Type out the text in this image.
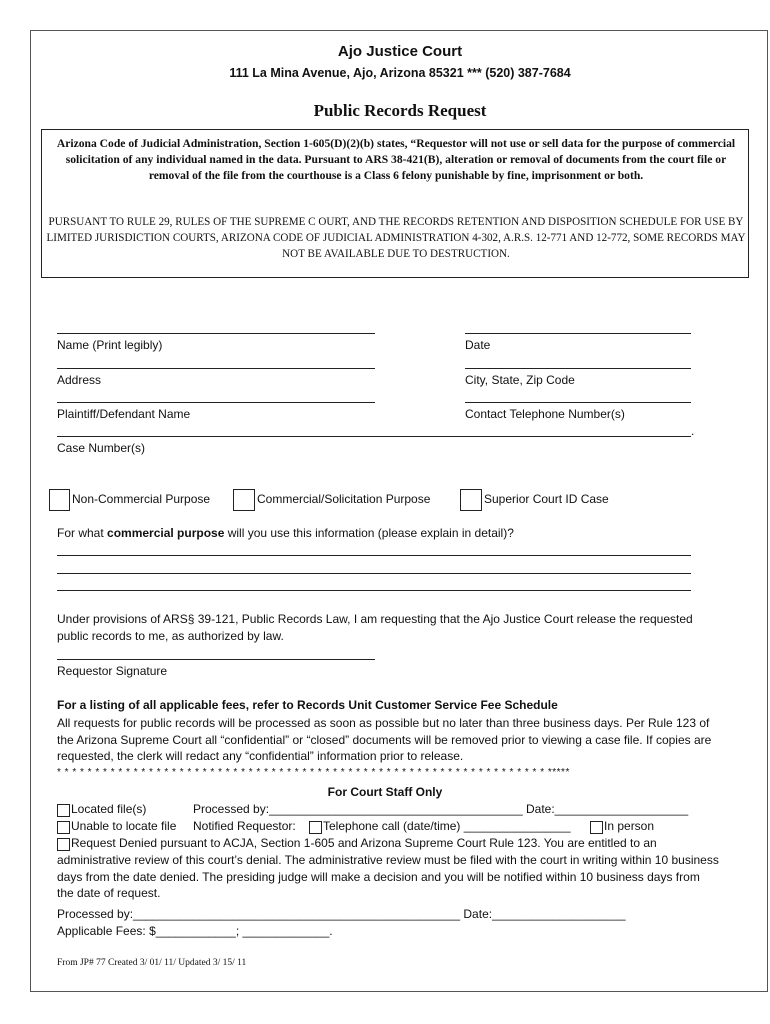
Ajo Justice Court
111 La Mina Avenue, Ajo, Arizona 85321 *** (520) 387-7684
Public Records Request
Arizona Code of Judicial Administration, Section 1-605(D)(2)(b) states, “Requestor will not use or sell data for the purpose of commercial solicitation of any individual named in the data. Pursuant to ARS 38-421(B), alteration or removal of documents from the court file or removal of the file from the courthouse is a Class 6 felony punishable by fine, imprisonment or both.
PURSUANT TO RULE 29, RULES OF THE SUPREME C OURT, AND THE RECORDS RETENTION AND DISPOSITION SCHEDULE FOR USE BY LIMITED JURISDICTION COURTS, ARIZONA CODE OF JUDICIAL ADMINISTRATION 4-302, A.R.S. 12-771 AND 12-772, SOME RECORDS MAY NOT BE AVAILABLE DUE TO DESTRUCTION.
Name (Print legibly)	Date
Address	City, State, Zip Code
Plaintiff/Defendant Name	Contact Telephone Number(s)
.
Case Number(s)
Non-Commercial Purpose	Commercial/Solicitation Purpose	Superior Court ID Case
For what commercial purpose will you use this information (please explain in detail)?
Under provisions of ARS§ 39-121, Public Records Law, I am requesting that the Ajo Justice Court release the requested public records to me, as authorized by law.
Requestor Signature
For a listing of all applicable fees, refer to Records Unit Customer Service Fee Schedule
All requests for public records will be processed as soon as possible but no later than three business days. Per Rule 123 of the Arizona Supreme Court all “confidential” or “closed” documents will be removed prior to viewing a case file. If copies are requested, the clerk will redact any “confidential” information prior to release.
* * * * * * * * * * * * * * * * * * * * * * * * * * * * * * * * * * * * * * * * * * * * * * * * * * * * * * * * * * * * * * * * *****
For Court Staff Only
Located file(s)	Processed by:______________________________________ Date:____________________
Unable to locate file Notified Requestor: Telephone call (date/time) ________________	In person
Request Denied pursuant to ACJA, Section 1-605 and Arizona Supreme Court Rule 123. You are entitled to an
administrative review of this court’s denial. The administrative review must be filed with the court in writing within 10 business days from the date denied. The presiding judge will make a decision and you will be notified within 10 business days from the date of request.
Processed by:_________________________________________________ Date:____________________
Applicable Fees: $____________; _____________.
From JP# 77 Created 3/ 01/ 11/ Updated 3/ 15/ 11
